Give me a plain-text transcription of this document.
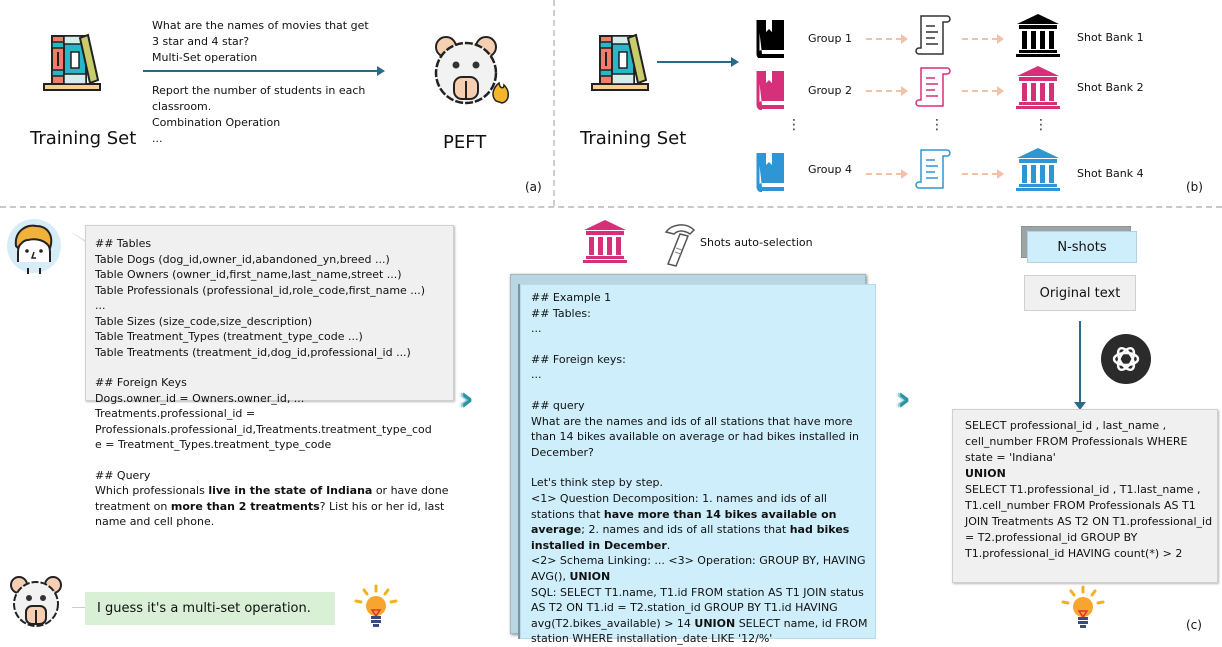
Training Set
What are the names of movies that get
3 star and 4 star?
Multi-Set operation
Report the number of students in each
classroom.
Combination Operation
...	PEFT
(a)
Training Set
Group 1	Shot Bank 1
Group 2	Shot Bank 2
⋮	⋮	⋮
Group 4	Shot Bank 4
(b)
## Tables
Table Dogs (dog_id,owner_id,abandoned_yn,breed ...)
Table Owners (owner_id,first_name,last_name,street ...)
Table Professionals (professional_id,role_code,first_name ...)
...
Table Sizes (size_code,size_description)
Table Treatment_Types (treatment_type_code ...)
Table Treatments (treatment_id,dog_id,professional_id ...)
## Foreign Keys
Dogs.owner_id = Owners.owner_id, ...
Treatments.professional_id =
Professionals.professional_id,Treatments.treatment_type_cod
e = Treatment_Types.treatment_type_code
## Query
Which professionals live in the state of Indiana or have done treatment on more than 2 treatments? List his or her id, last name and cell phone.
I guess it's a multi-set operation.
›››
Shots auto-selection
## Example 1
## Tables:
...
## Foreign keys:
...
## query
What are the names and ids of all stations that have more than 14 bikes available on average or had bikes installed in December?
Let's think step by step.
<1> Question Decomposition: 1. names and ids of all stations that have more than 14 bikes available on average; 2. names and ids of all stations that had bikes installed in December.
<2> Schema Linking: ... <3> Operation: GROUP BY, HAVING AVG(), UNION
SQL: SELECT T1.name, T1.id FROM station AS T1 JOIN status AS T2 ON T1.id = T2.station_id GROUP BY T1.id HAVING avg(T2.bikes_available) > 14 UNION SELECT name, id FROM station WHERE installation_date LIKE '12/%'
›››
N-shots
Original text
SELECT professional_id , last_name , cell_number FROM Professionals WHERE state = 'Indiana'
UNION
SELECT T1.professional_id , T1.last_name , T1.cell_number FROM Professionals AS T1 JOIN Treatments AS T2 ON T1.professional_id = T2.professional_id GROUP BY T1.professional_id HAVING count(*) > 2
(c)
